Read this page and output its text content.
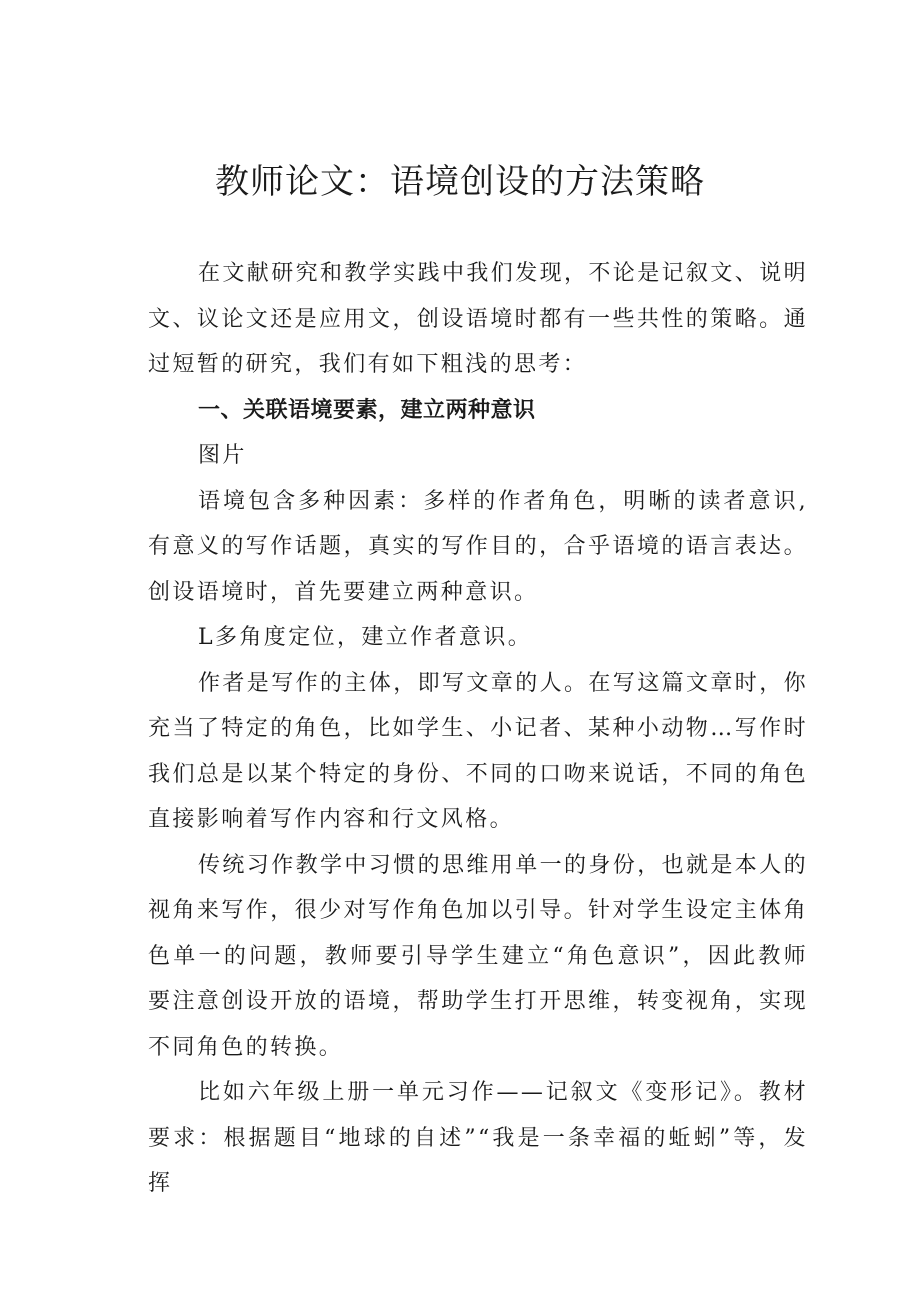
教师论文：语境创设的方法策略

在文献研究和教学实践中我们发现，不论是记叙文、说明文、议论文还是应用文，创设语境时都有一些共性的策略。通过短暂的研究，我们有如下粗浅的思考：

一、关联语境要素，建立两种意识

图片

语境包含多种因素：多样的作者角色，明晰的读者意识,有意义的写作话题，真实的写作目的，合乎语境的语言表达。创设语境时，首先要建立两种意识。

L多角度定位，建立作者意识。

作者是写作的主体，即写文章的人。在写这篇文章时，你充当了特定的角色，比如学生、小记者、某种小动物…写作时我们总是以某个特定的身份、不同的口吻来说话，不同的角色直接影响着写作内容和行文风格。

传统习作教学中习惯的思维用单一的身份，也就是本人的视角来写作，很少对写作角色加以引导。针对学生设定主体角色单一的问题，教师要引导学生建立“角色意识”，因此教师要注意创设开放的语境，帮助学生打开思维，转变视角，实现不同角色的转换。

比如六年级上册一单元习作——记叙文《变形记》。教材要求：根据题目“地球的自述”“我是一条幸福的蚯蚓”等，发挥
